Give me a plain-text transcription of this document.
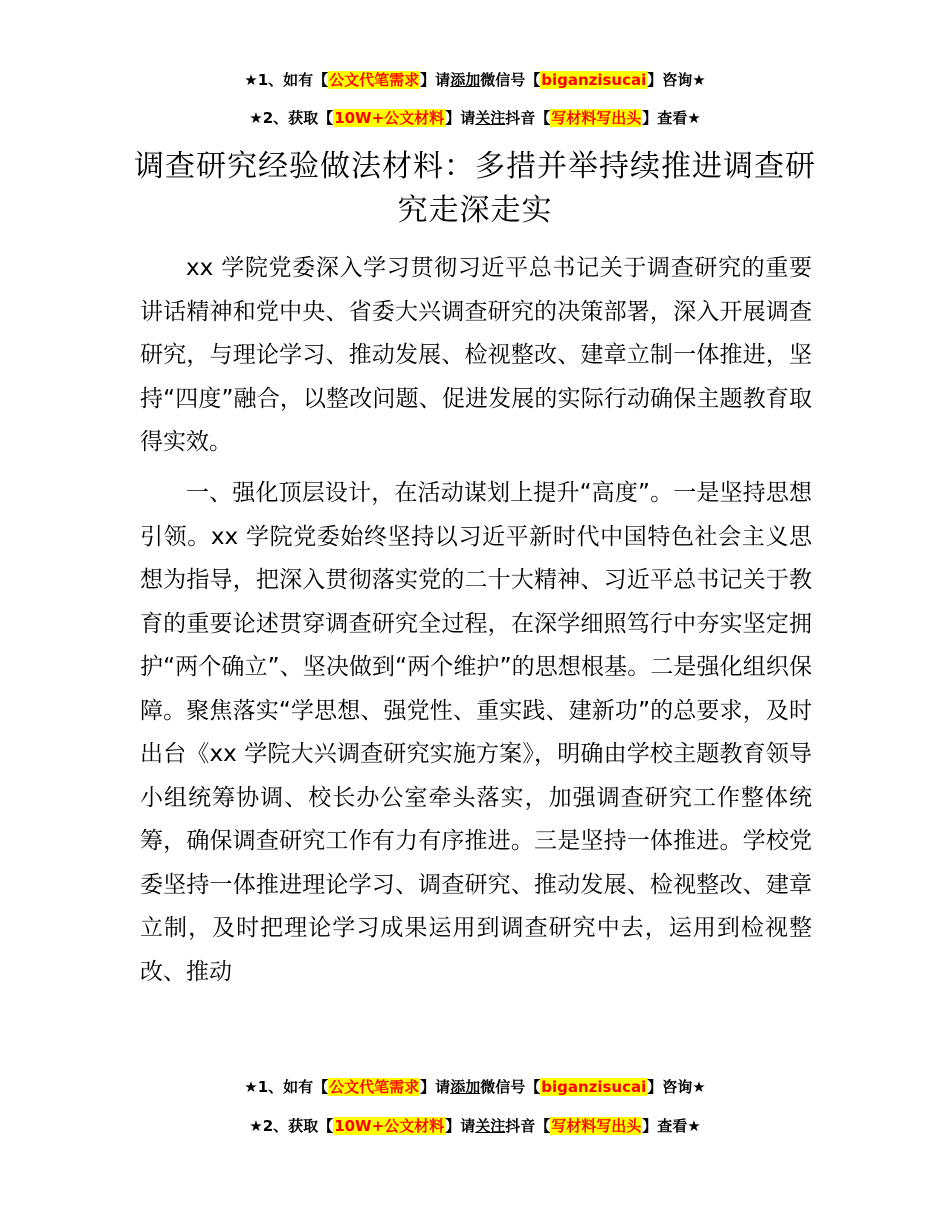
★1、如有【公文代笔需求】请添加微信号【biganzisucai】咨询★
★2、获取【10W+公文材料】请关注抖音【写材料写出头】查看★
调查研究经验做法材料：多措并举持续推进调查研究走深走实

xx 学院党委深入学习贯彻习近平总书记关于调查研究的重要讲话精神和党中央、省委大兴调查研究的决策部署，深入开展调查研究，与理论学习、推动发展、检视整改、建章立制一体推进，坚持“四度”融合，以整改问题、促进发展的实际行动确保主题教育取得实效。

一、强化顶层设计，在活动谋划上提升“高度”。一是坚持思想引领。xx 学院党委始终坚持以习近平新时代中国特色社会主义思想为指导，把深入贯彻落实党的二十大精神、习近平总书记关于教育的重要论述贯穿调查研究全过程，在深学细照笃行中夯实坚定拥护“两个确立”、坚决做到“两个维护”的思想根基。二是强化组织保障。聚焦落实“学思想、强党性、重实践、建新功”的总要求，及时出台《xx 学院大兴调查研究实施方案》，明确由学校主题教育领导小组统筹协调、校长办公室牵头落实，加强调查研究工作整体统筹，确保调查研究工作有力有序推进。三是坚持一体推进。学校党委坚持一体推进理论学习、调查研究、推动发展、检视整改、建章立制，及时把理论学习成果运用到调查研究中去，运用到检视整改、推动

★1、如有【公文代笔需求】请添加微信号【biganzisucai】咨询★
★2、获取【10W+公文材料】请关注抖音【写材料写出头】查看★
